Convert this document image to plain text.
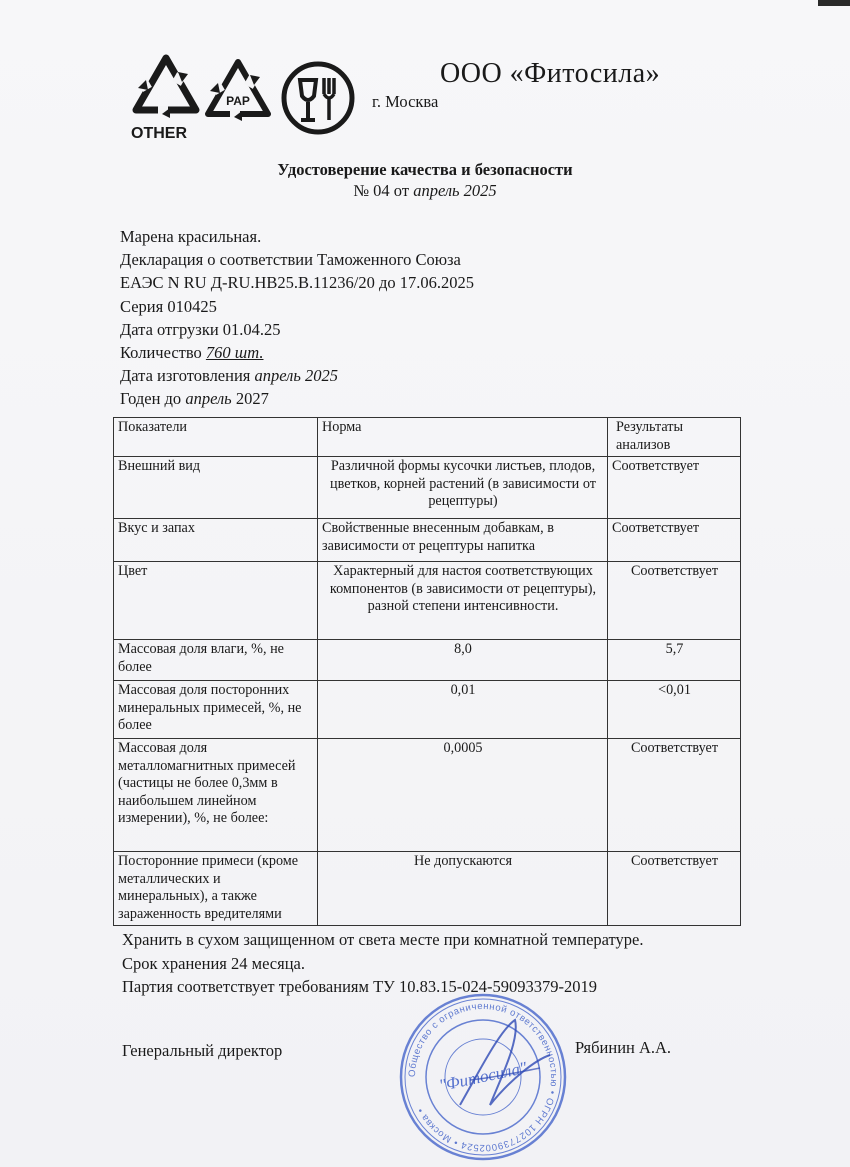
OTHER
PAP
ООО «Фитосила»
г. Москва
Удостоверение качества и безопасности
№ 04 от апрель 2025
Марена красильная.
Декларация о соответствии Таможенного Союза
ЕАЭС N RU Д-RU.НВ25.В.11236/20 до 17.06.2025
Серия 010425
Дата отгрузки 01.04.25
Количество 760 шт.
Дата изготовления апрель 2025
Годен до апрель 2027
Показатели	Норма	Результаты анализов
Внешний вид	Различной формы кусочки листьев, плодов, цветков, корней растений (в зависимости от рецептуры)	Соответствует
Вкус и запах	Свойственные внесенным добавкам, в зависимости от рецептуры напитка	Соответствует
Цвет	Характерный для настоя соответствующих компонентов (в зависимости от рецептуры), разной степени интенсивности.	Соответствует
Массовая доля влаги, %, не более	8,0	5,7
Массовая доля посторонних минеральных примесей, %, не более	0,01	<0,01
Массовая доля металломагнитных примесей (частицы не более 0,3мм в наибольшем линейном измерении), %, не более:	0,0005	Соответствует
Посторонние примеси (кроме металлических и минеральных), а также зараженность вредителями	Не допускаются	Соответствует
Хранить в сухом защищенном от света месте при комнатной температуре.
Срок хранения 24 месяца.
Партия соответствует требованиям ТУ 10.83.15-024-59093379-2019
Общество с ограниченной ответственностью • ОГРН 1027739002524 • Москва •
"Фитосила"
Генеральный директор	Рябинин А.А.
